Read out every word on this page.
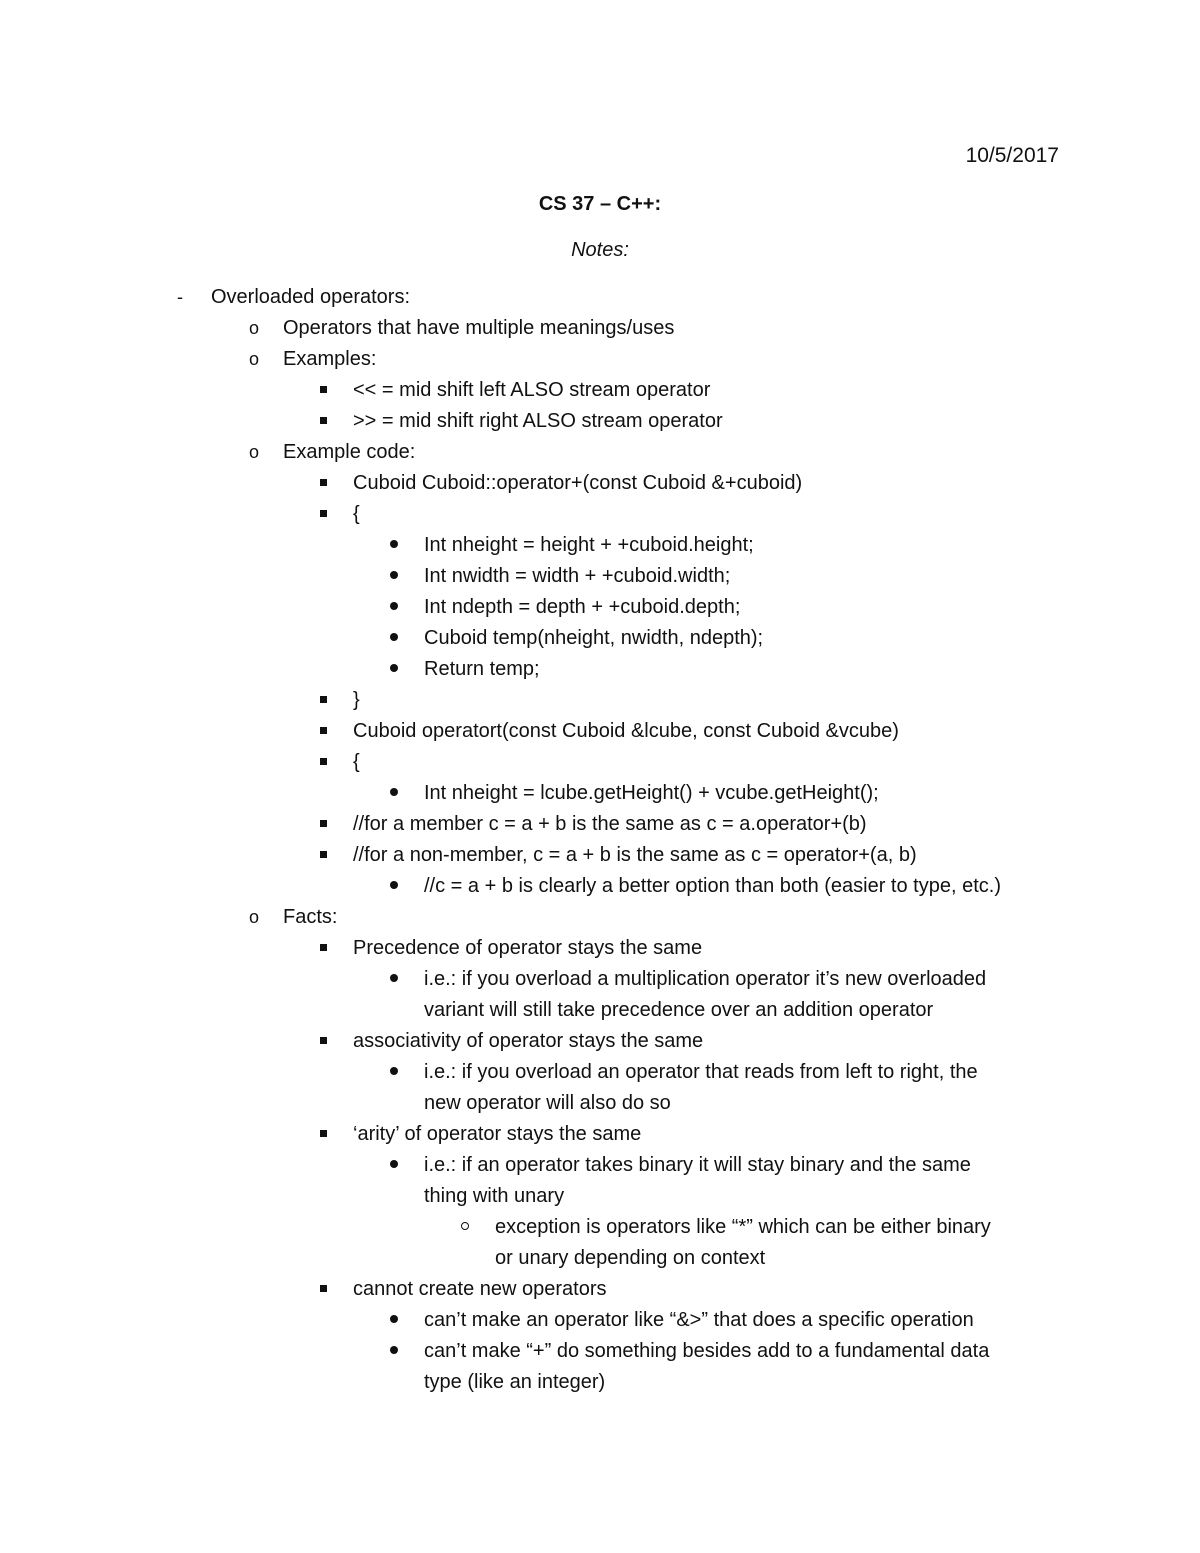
10/5/2017
CS 37 – C++:
Notes:
-	Overloaded operators:
o Operators that have multiple meanings/uses
o Examples:
<< = mid shift left ALSO stream operator
>> = mid shift right ALSO stream operator
o Example code:
Cuboid Cuboid::operator+(const Cuboid &+cuboid)
{
Int nheight = height + +cuboid.height;
Int nwidth = width + +cuboid.width;
Int ndepth = depth + +cuboid.depth;
Cuboid temp(nheight, nwidth, ndepth);
Return temp;
}
Cuboid operatort(const Cuboid &lcube, const Cuboid &vcube)
{
Int nheight = lcube.getHeight() + vcube.getHeight();
//for a member c = a + b is the same as c = a.operator+(b)
//for a non-member, c = a + b is the same as c = operator+(a, b)
//c = a + b is clearly a better option than both (easier to type, etc.)
o Facts:
Precedence of operator stays the same
i.e.: if you overload a multiplication operator it’s new overloaded
variant will still take precedence over an addition operator
associativity of operator stays the same
i.e.: if you overload an operator that reads from left to right, the
new operator will also do so
‘arity’ of operator stays the same
i.e.: if an operator takes binary it will stay binary and the same
thing with unary
exception is operators like “*” which can be either binary
or unary depending on context
cannot create new operators
can’t make an operator like “&>” that does a specific operation
can’t make “+” do something besides add to a fundamental data
type (like an integer)
